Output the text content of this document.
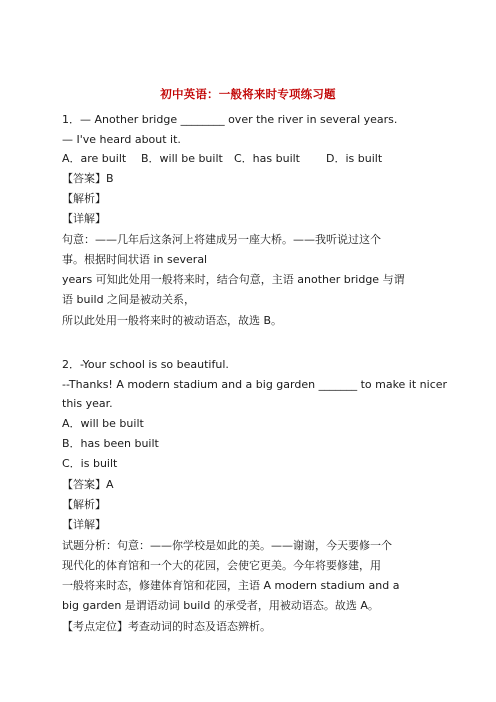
初中英语：一般将来时专项练习题
1．— Another bridge ________ over the river in several years.
— I've heard about it.
A．are built B．will be built C．has built D．is built
【答案】B
【解析】
【详解】
句意：——几年后这条河上将建成另一座大桥。——我听说过这个
事。根据时间状语 in several
years 可知此处用一般将来时，结合句意，主语 another bridge 与谓
语 build 之间是被动关系，
所以此处用一般将来时的被动语态，故选 B。
2．-Your school is so beautiful.
--Thanks! A modern stadium and a big garden _______ to make it nicer
this year.
A．will be built
B．has been built
C．is built
【答案】A
【解析】
【详解】
试题分析：句意：——你学校是如此的美。——谢谢，今天要修一个
现代化的体育馆和一个大的花园，会使它更美。今年将要修建，用
一般将来时态，修建体育馆和花园，主语 A modern stadium and a
big garden 是谓语动词 build 的承受者，用被动语态。故选 A。
【考点定位】考查动词的时态及语态辨析。
